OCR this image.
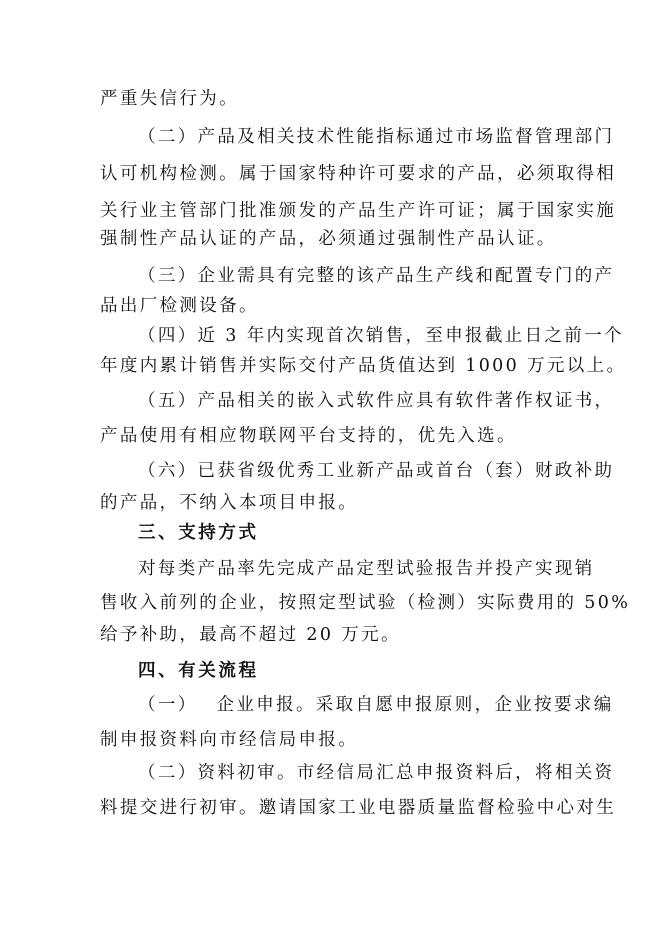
严重失信行为。
（二）产品及相关技术性能指标通过市场监督管理部门
认可机构检测。属于国家特种许可要求的产品，必须取得相
关行业主管部门批准颁发的产品生产许可证；属于国家实施
强制性产品认证的产品，必须通过强制性产品认证。
（三）企业需具有完整的该产品生产线和配置专门的产
品出厂检测设备。
（四）近 3 年内实现首次销售，至申报截止日之前一个
年度内累计销售并实际交付产品货值达到 1000 万元以上。
（五）产品相关的嵌入式软件应具有软件著作权证书，
产品使用有相应物联网平台支持的，优先入选。
（六）已获省级优秀工业新产品或首台（套）财政补助
的产品，不纳入本项目申报。
三、支持方式
对每类产品率先完成产品定型试验报告并投产实现销
售收入前列的企业，按照定型试验（检测）实际费用的 50%
给予补助，最高不超过 20 万元。
四、有关流程
（一）　 企业申报。采取自愿申报原则，企业按要求编
制申报资料向市经信局申报。
（二）资料初审。市经信局汇总申报资料后，将相关资
料提交进行初审。邀请国家工业电器质量监督检验中心对生
